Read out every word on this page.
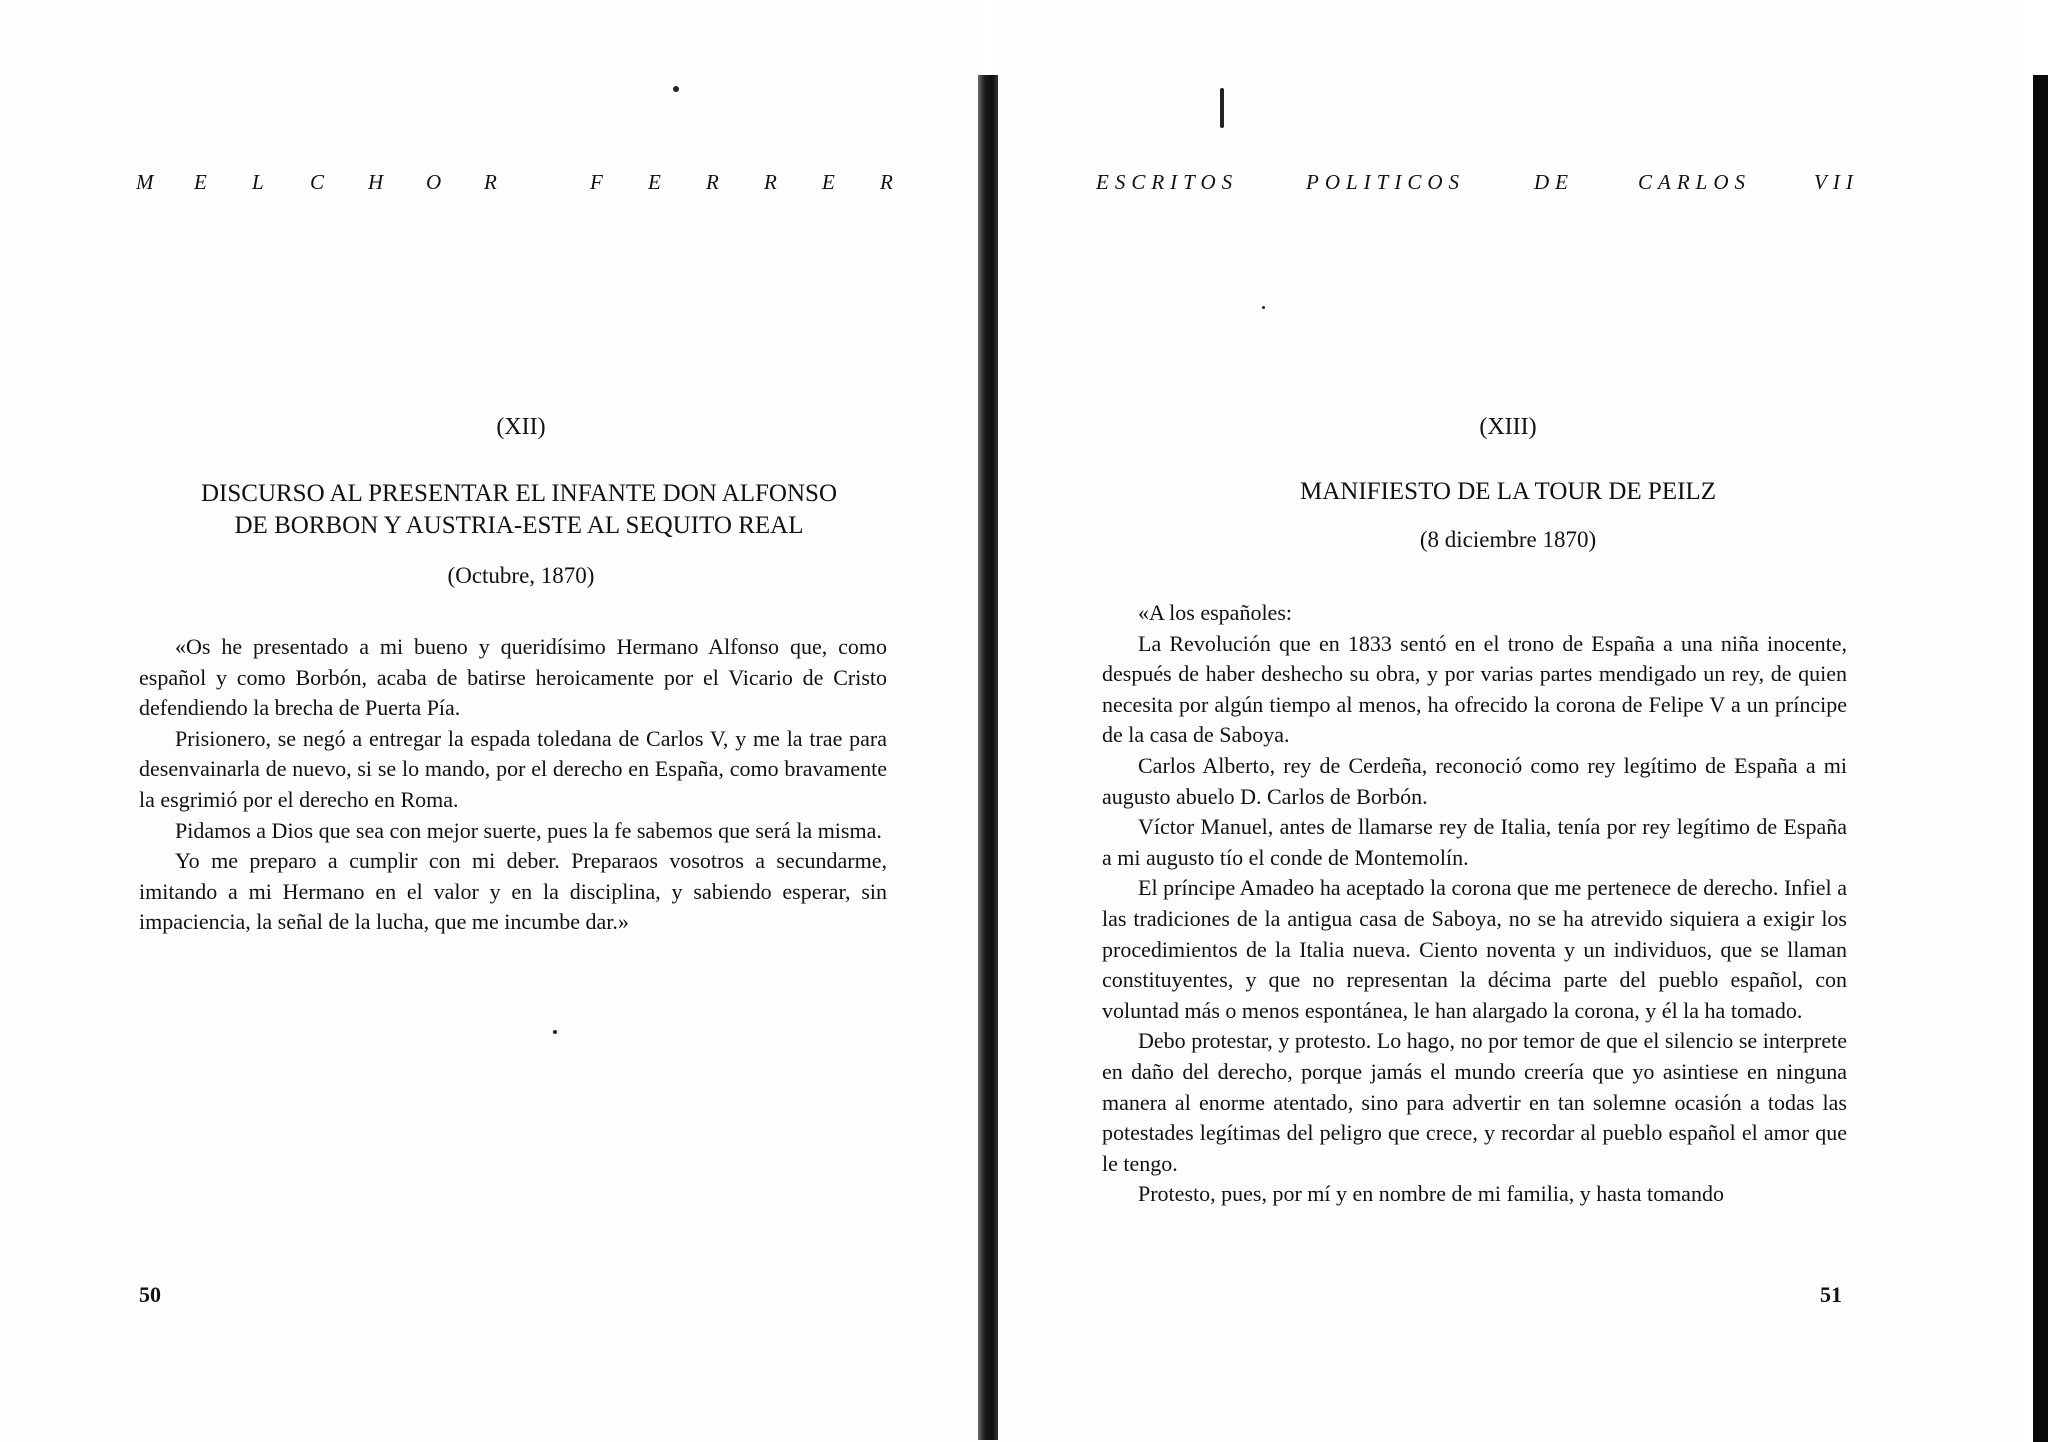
M E L C H O R	F E R R E R
(XII)
DISCURSO AL PRESENTAR EL INFANTE DON ALFONSO
DE BORBON Y AUSTRIA-ESTE AL SEQUITO REAL
(Octubre, 1870)

«Os he presentado a mi bueno y queridísimo Hermano Alfonso que, como español y como Borbón, acaba de batirse heroicamente por el Vicario de Cristo defendiendo la brecha de Puerta Pía.

Prisionero, se negó a entregar la espada toledana de Carlos V, y me la trae para desenvainarla de nuevo, si se lo mando, por el derecho en España, como bravamente la esgrimió por el derecho en Roma.

Pidamos a Dios que sea con mejor suerte, pues la fe sabemos que será la misma.

Yo me preparo a cumplir con mi deber. Preparaos vosotros a secundarme, imitando a mi Hermano en el valor y en la disciplina, y sabiendo esperar, sin impaciencia, la señal de la lucha, que me incumbe dar.»

50
ESCRITOS	POLITICOS	DE	CARLOS	VII
(XIII)
MANIFIESTO DE LA TOUR DE PEILZ
(8 diciembre 1870)

«A los españoles:

La Revolución que en 1833 sentó en el trono de España a una niña inocente, después de haber deshecho su obra, y por varias partes mendigado un rey, de quien necesita por algún tiempo al menos, ha ofrecido la corona de Felipe V a un príncipe de la casa de Saboya.

Carlos Alberto, rey de Cerdeña, reconoció como rey legítimo de España a mi augusto abuelo D. Carlos de Borbón.

Víctor Manuel, antes de llamarse rey de Italia, tenía por rey legítimo de España a mi augusto tío el conde de Montemolín.

El príncipe Amadeo ha aceptado la corona que me pertenece de derecho. Infiel a las tradiciones de la antigua casa de Saboya, no se ha atrevido siquiera a exigir los procedimientos de la Italia nueva. Ciento noventa y un individuos, que se llaman constituyentes, y que no representan la décima parte del pueblo español, con voluntad más o menos espontánea, le han alargado la corona, y él la ha tomado.

Debo protestar, y protesto. Lo hago, no por temor de que el silencio se interprete en daño del derecho, porque jamás el mundo creería que yo asintiese en ninguna manera al enorme atentado, sino para advertir en tan solemne ocasión a todas las potestades legítimas del peligro que crece, y recordar al pueblo español el amor que le tengo.

Protesto, pues, por mí y en nombre de mi familia, y hasta tomando

51
